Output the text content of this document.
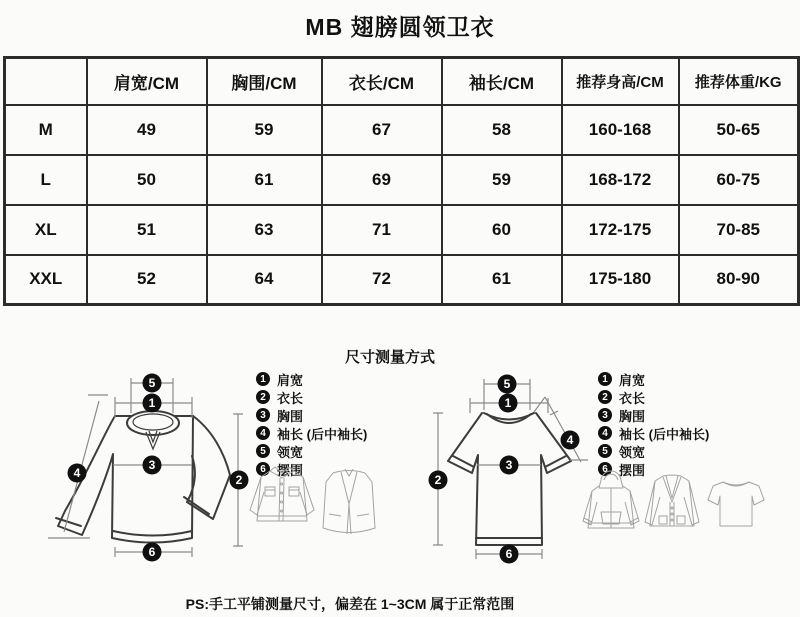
MB 翅膀圆领卫衣
	肩宽/CM	胸围/CM	衣长/CM	袖长/CM	推荐身高/CM	推荐体重/KG
M	49	59	67	58	160-168	50-65
L	50	61	69	59	168-172	60-75
XL	51	63	71	60	172-175	70-85
XXL	52	64	72	61	175-180	80-90
尺寸测量方式
5
1
3
4	2
6
1 肩宽
2 衣长
3 胸围
4 袖长 (后中袖长)
5 领宽
6 摆围
5
1
2
3
4
6
1 肩宽
2 衣长
3 胸围
4 袖长 (后中袖长)
5 领宽
6 摆围
PS:手工平铺测量尺寸，偏差在 1~3CM 属于正常范围
